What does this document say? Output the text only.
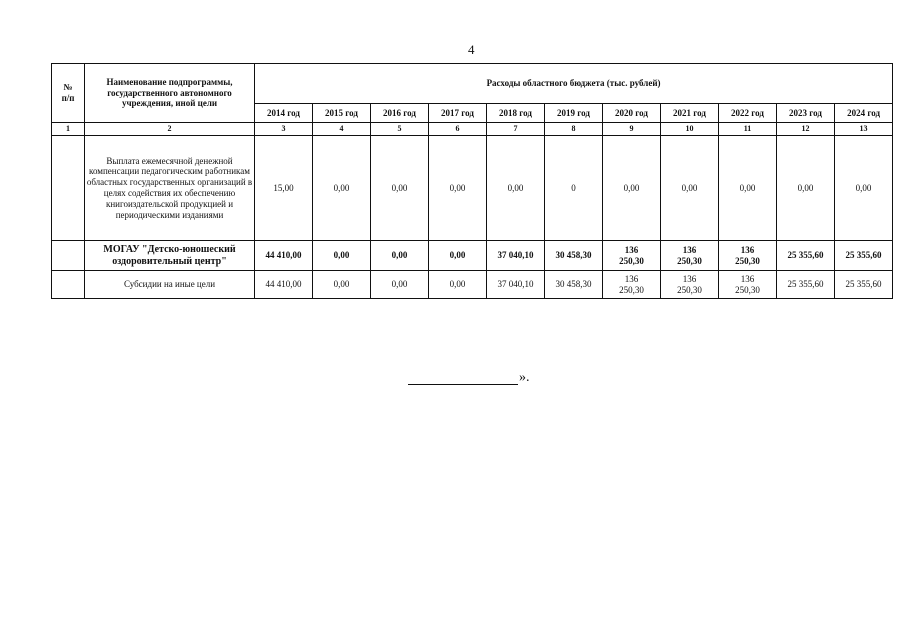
4
№
п/п	Наименование подпрограммы, государственного автономного учреждения, иной цели	Расходы областного бюджета (тыс. рублей)										
		2014 год	2015 год	2016 год	2017 год	2018 год	2019 год	2020 год	2021 год	2022 год	2023 год	2024 год
1	2	3	4	5	6	7	8	9	10	11	12	13
	Выплата ежемесячной денежной компенсации педагогическим работникам областных государственных организаций в целях содействия их обеспечению книгоиздательской продукцией и периодическими изданиями	15,00	0,00	0,00	0,00	0,00	0	0,00	0,00	0,00	0,00	0,00
	МОГАУ "Детско-юношеский оздоровительный центр"	44 410,00	0,00	0,00	0,00	37 040,10	30 458,30	136
250,30	136
250,30	136
250,30	25 355,60	25 355,60
	Субсидии на иные цели	44 410,00	0,00	0,00	0,00	37 040,10	30 458,30	136
250,30	136
250,30	136
250,30	25 355,60	25 355,60
».
